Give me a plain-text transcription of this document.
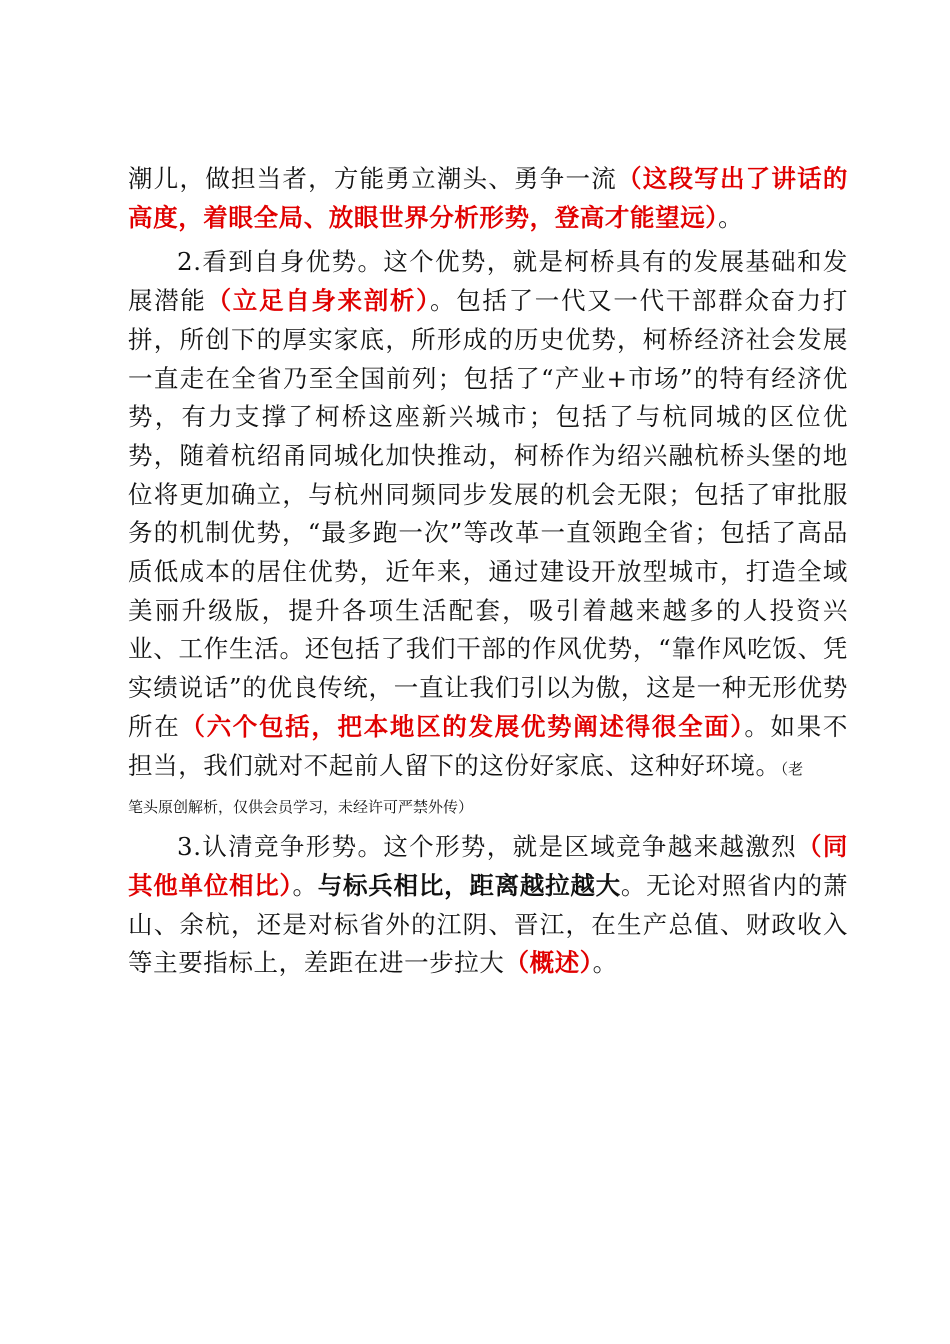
潮儿，做担当者，方能勇立潮头、勇争一流（这段写出了讲话的高度，着眼全局、放眼世界分析形势，登高才能望远）。

2.看到自身优势。这个优势，就是柯桥具有的发展基础和发展潜能（立足自身来剖析）。包括了一代又一代干部群众奋力打拼，所创下的厚实家底，所形成的历史优势，柯桥经济社会发展一直走在全省乃至全国前列；包括了“产业+市场”的特有经济优势，有力支撑了柯桥这座新兴城市；包括了与杭同城的区位优势，随着杭绍甬同城化加快推动，柯桥作为绍兴融杭桥头堡的地位将更加确立，与杭州同频同步发展的机会无限；包括了审批服务的机制优势，“最多跑一次”等改革一直领跑全省；包括了高品质低成本的居住优势，近年来，通过建设开放型城市，打造全域美丽升级版，提升各项生活配套，吸引着越来越多的人投资兴业、工作生活。还包括了我们干部的作风优势，“靠作风吃饭、凭实绩说话”的优良传统，一直让我们引以为傲，这是一种无形优势所在（六个包括，把本地区的发展优势阐述得很全面）。如果不 担当，我们就对不起前人留下的这份好家底、这种好环境。（老

笔头原创解析，仅供会员学习，未经许可严禁外传）

3.认清竞争形势。这个形势，就是区域竞争越来越激烈（同其他单位相比）。与标兵相比，距离越拉越大。无论对照省内的萧山、余杭，还是对标省外的江阴、晋江，在生产总值、财政收入等主要指标上，差距在进一步拉大（概述）。
